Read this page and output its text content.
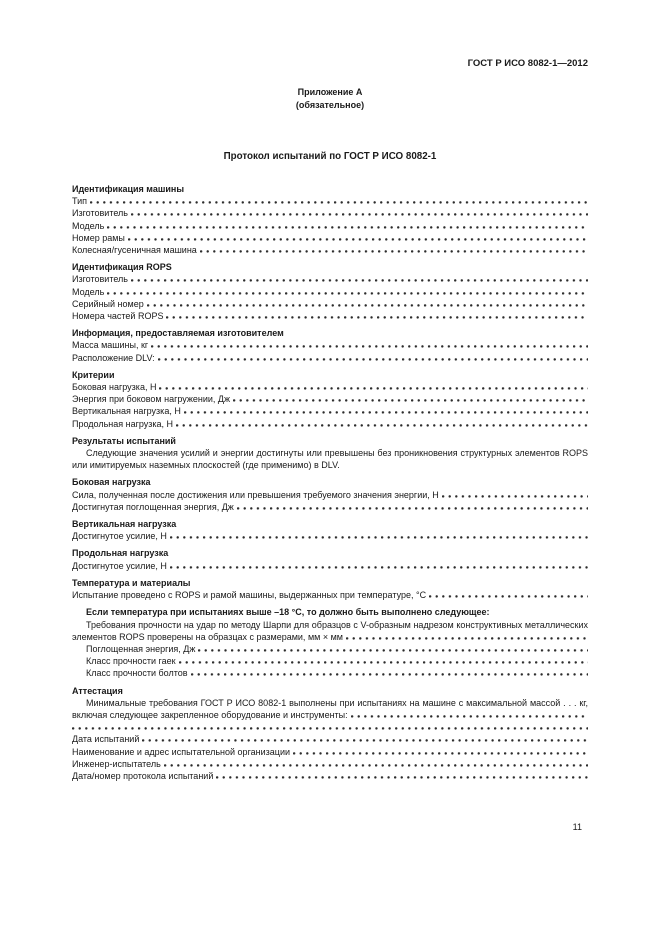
ГОСТ Р ИСО 8082-1—2012
Приложение А
(обязательное)
Протокол испытаний по ГОСТ Р ИСО 8082-1
Идентификация машины
Тип
Изготовитель
Модель
Номер рамы
Колесная/гусеничная машина
Идентификация ROPS
Изготовитель
Модель
Серийный номер
Номера частей ROPS
Информация, предоставляемая изготовителем
Масса машины, кг
Расположение DLV:
Критерии
Боковая нагрузка, Н
Энергия при боковом нагружении, Дж
Вертикальная нагрузка, Н
Продольная нагрузка, Н
Результаты испытаний
Следующие значения усилий и энергии достигнуты или превышены без проникновения структурных элементов ROPS или имитируемых наземных плоскостей (где применимо) в DLV.
Боковая нагрузка
Сила, полученная после достижения или превышения требуемого значения энергии, Н
Достигнутая поглощенная энергия, Дж
Вертикальная нагрузка
Достигнутое усилие, Н
Продольная нагрузка
Достигнутое усилие, Н
Температура и материалы
Испытание проведено с ROPS и рамой машины, выдержанных при температуре, °С
Если температура при испытаниях выше –18 °С, то должно быть выполнено следующее:
Требования прочности на удар по методу Шарпи для образцов с V-образным надрезом конструктивных металлических элементов ROPS проверены на образцах с размерами, мм × мм
Поглощенная энергия, Дж
Класс прочности гаек
Класс прочности болтов
Аттестация
Минимальные требования ГОСТ Р ИСО 8082-1 выполнены при испытаниях на машине с максимальной массой . . . кг, включая следующее закрепленное оборудование и инструменты:
Дата испытаний
Наименование и адрес испытательной организации
Инженер-испытатель
Дата/номер протокола испытаний
11
